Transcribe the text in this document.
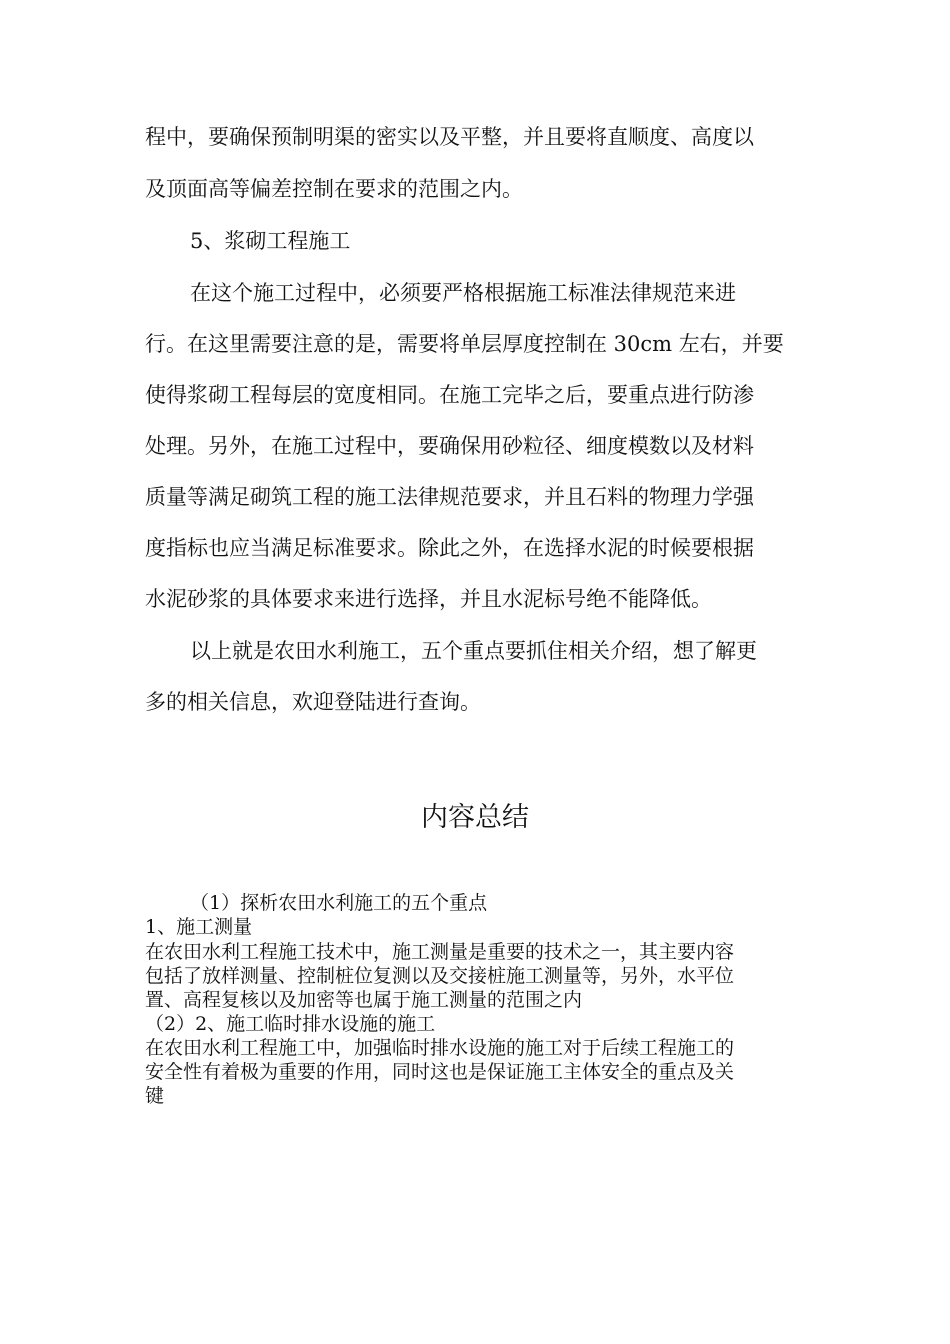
程中，要确保预制明渠的密实以及平整，并且要将直顺度、高度以
及顶面高等偏差控制在要求的范围之内。
5、浆砌工程施工
在这个施工过程中，必须要严格根据施工标准法律规范来进
行。在这里需要注意的是，需要将单层厚度控制在 30cm 左右，并要
使得浆砌工程每层的宽度相同。在施工完毕之后，要重点进行防渗
处理。另外，在施工过程中，要确保用砂粒径、细度模数以及材料
质量等满足砌筑工程的施工法律规范要求，并且石料的物理力学强
度指标也应当满足标准要求。除此之外，在选择水泥的时候要根据
水泥砂浆的具体要求来进行选择，并且水泥标号绝不能降低。
以上就是农田水利施工，五个重点要抓住相关介绍，想了解更
多的相关信息，欢迎登陆进行查询。
内容总结
（1）探析农田水利施工的五个重点
1、施工测量
在农田水利工程施工技术中，施工测量是重要的技术之一，其主要内容
包括了放样测量、控制桩位复测以及交接桩施工测量等，另外，水平位
置、高程复核以及加密等也属于施工测量的范围之内
（2）2、施工临时排水设施的施工
在农田水利工程施工中，加强临时排水设施的施工对于后续工程施工的
安全性有着极为重要的作用，同时这也是保证施工主体安全的重点及关
键
